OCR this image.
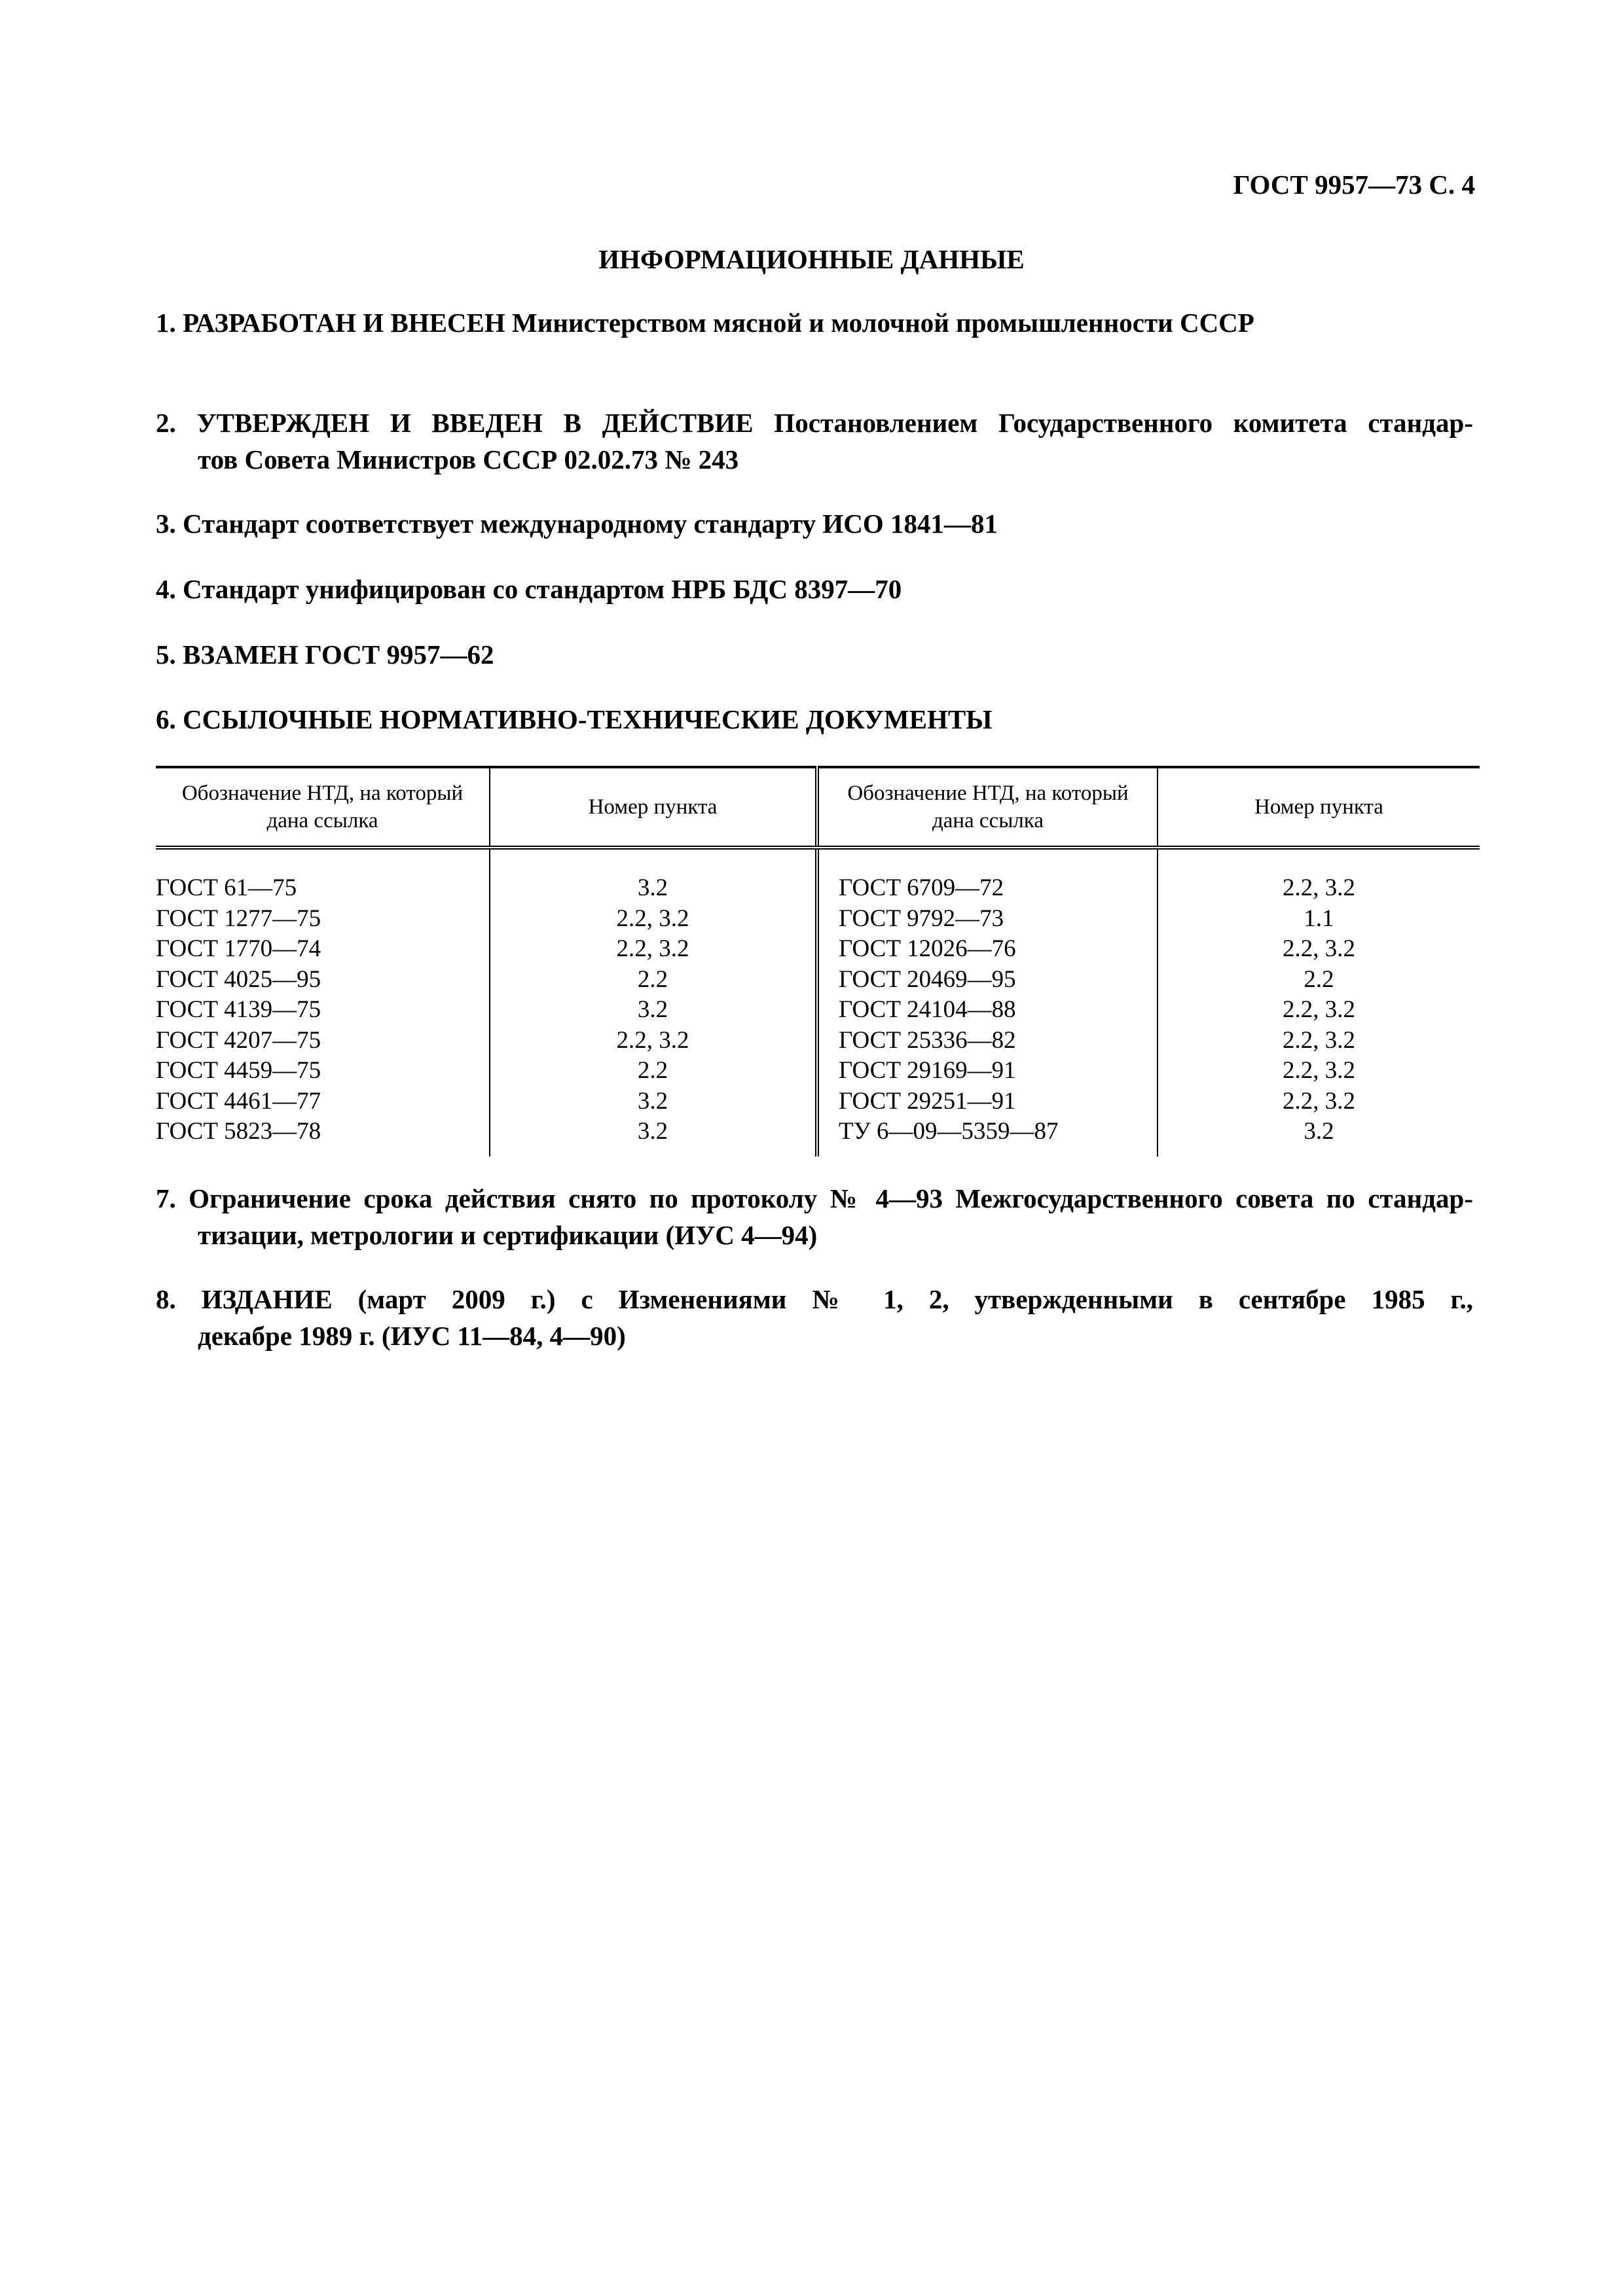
ГОСТ 9957—73 С. 4
ИНФОРМАЦИОННЫЕ ДАННЫЕ
1. РАЗРАБОТАН И ВНЕСЕН Министерством мясной и молочной промышленности СССР
2. УТВЕРЖДЕН И ВВЕДЕН В ДЕЙСТВИЕ Постановлением Государственного комитета стандар-
тов Совета Министров СССР 02.02.73 № 243
3. Стандарт соответствует международному стандарту ИСО 1841—81
4. Стандарт унифицирован со стандартом НРБ БДС 8397—70
5. ВЗАМЕН ГОСТ 9957—62
6. ССЫЛОЧНЫЕ НОРМАТИВНО-ТЕХНИЧЕСКИЕ ДОКУМЕНТЫ
Обозначение НТД, на который дана ссылка	Номер пункта	Обозначение НТД, на который дана ссылка	Номер пункта
ГОСТ 61—75	3.2	ГОСТ 6709—72	2.2, 3.2
ГОСТ 1277—75	2.2, 3.2	ГОСТ 9792—73	1.1
ГОСТ 1770—74	2.2, 3.2	ГОСТ 12026—76	2.2, 3.2
ГОСТ 4025—95	2.2	ГОСТ 20469—95	2.2
ГОСТ 4139—75	3.2	ГОСТ 24104—88	2.2, 3.2
ГОСТ 4207—75	2.2, 3.2	ГОСТ 25336—82	2.2, 3.2
ГОСТ 4459—75	2.2	ГОСТ 29169—91	2.2, 3.2
ГОСТ 4461—77	3.2	ГОСТ 29251—91	2.2, 3.2
ГОСТ 5823—78	3.2	ТУ 6—09—5359—87	3.2
7. Ограничение срока действия снято по протоколу № 4—93 Межгосударственного совета по стандар-
тизации, метрологии и сертификации (ИУС 4—94)
8. ИЗДАНИЕ (март 2009 г.) с Изменениями № 1, 2, утвержденными в сентябре 1985 г.,
декабре 1989 г. (ИУС 11—84, 4—90)
